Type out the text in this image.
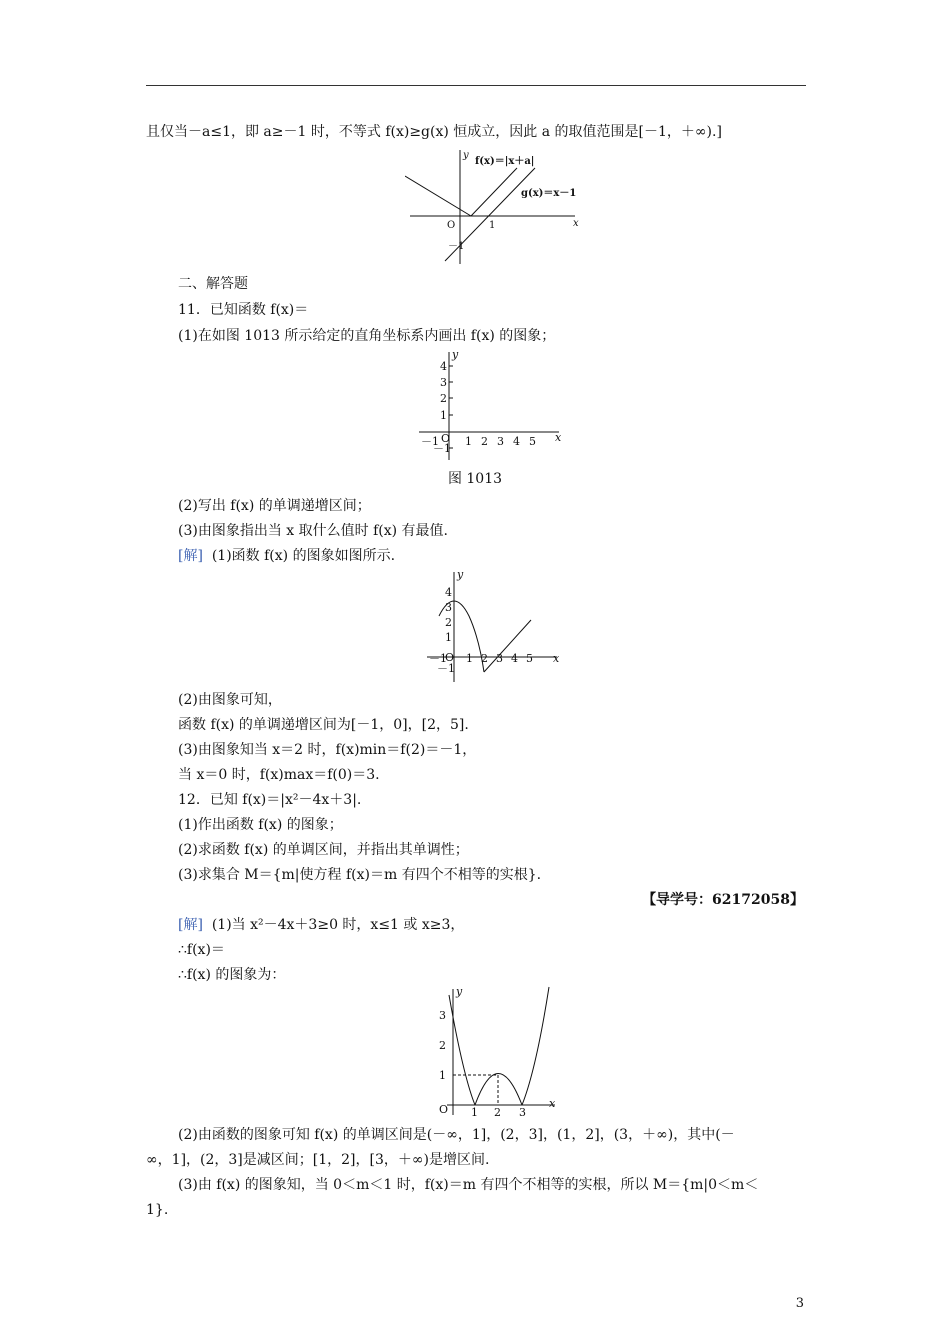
且仅当－a≤1，即 a≥－1 时，不等式 f(x)≥g(x) 恒成立，因此 a 的取值范围是[－1，＋∞).]
f(x)＝|x＋a|
g(x)＝x－1
x
y
O	1
－1
二、解答题
11．已知函数 f(x)＝
(1)在如图 1013 所示给定的直角坐标系内画出 f(x) 的图象；
x
y
O
－1 1 2 3 4 5
4
3
2
1
－1
图 1013
(2)写出 f(x) 的单调递增区间；
(3)由图象指出当 x 取什么值时 f(x) 有最值.
[解] (1)函数 f(x) 的图象如图所示.
x
y
O
－1 1 2 3 4 5
4
3
2
1
－1
(2)由图象可知，
函数 f(x) 的单调递增区间为[－1，0]，[2，5].
(3)由图象知当 x＝2 时，f(x)min＝f(2)＝－1，
当 x＝0 时，f(x)max＝f(0)＝3.
12．已知 f(x)＝|x²－4x＋3|.
(1)作出函数 f(x) 的图象；
(2)求函数 f(x) 的单调区间，并指出其单调性；
(3)求集合 M＝{m|使方程 f(x)＝m 有四个不相等的实根}.
【导学号：62172058】
[解] (1)当 x²－4x＋3≥0 时，x≤1 或 x≥3，
∴f(x)＝
∴f(x) 的图象为：
x
y
O 1 2 3
3
2
1
(2)由函数的图象可知 f(x) 的单调区间是(－∞，1]，(2，3]，(1，2]，(3，＋∞)，其中(－
∞，1]，(2，3]是减区间；[1，2]，[3，＋∞)是增区间.
(3)由 f(x) 的图象知，当 0＜m＜1 时，f(x)＝m 有四个不相等的实根，所以 M＝{m|0＜m＜
1}.
3
